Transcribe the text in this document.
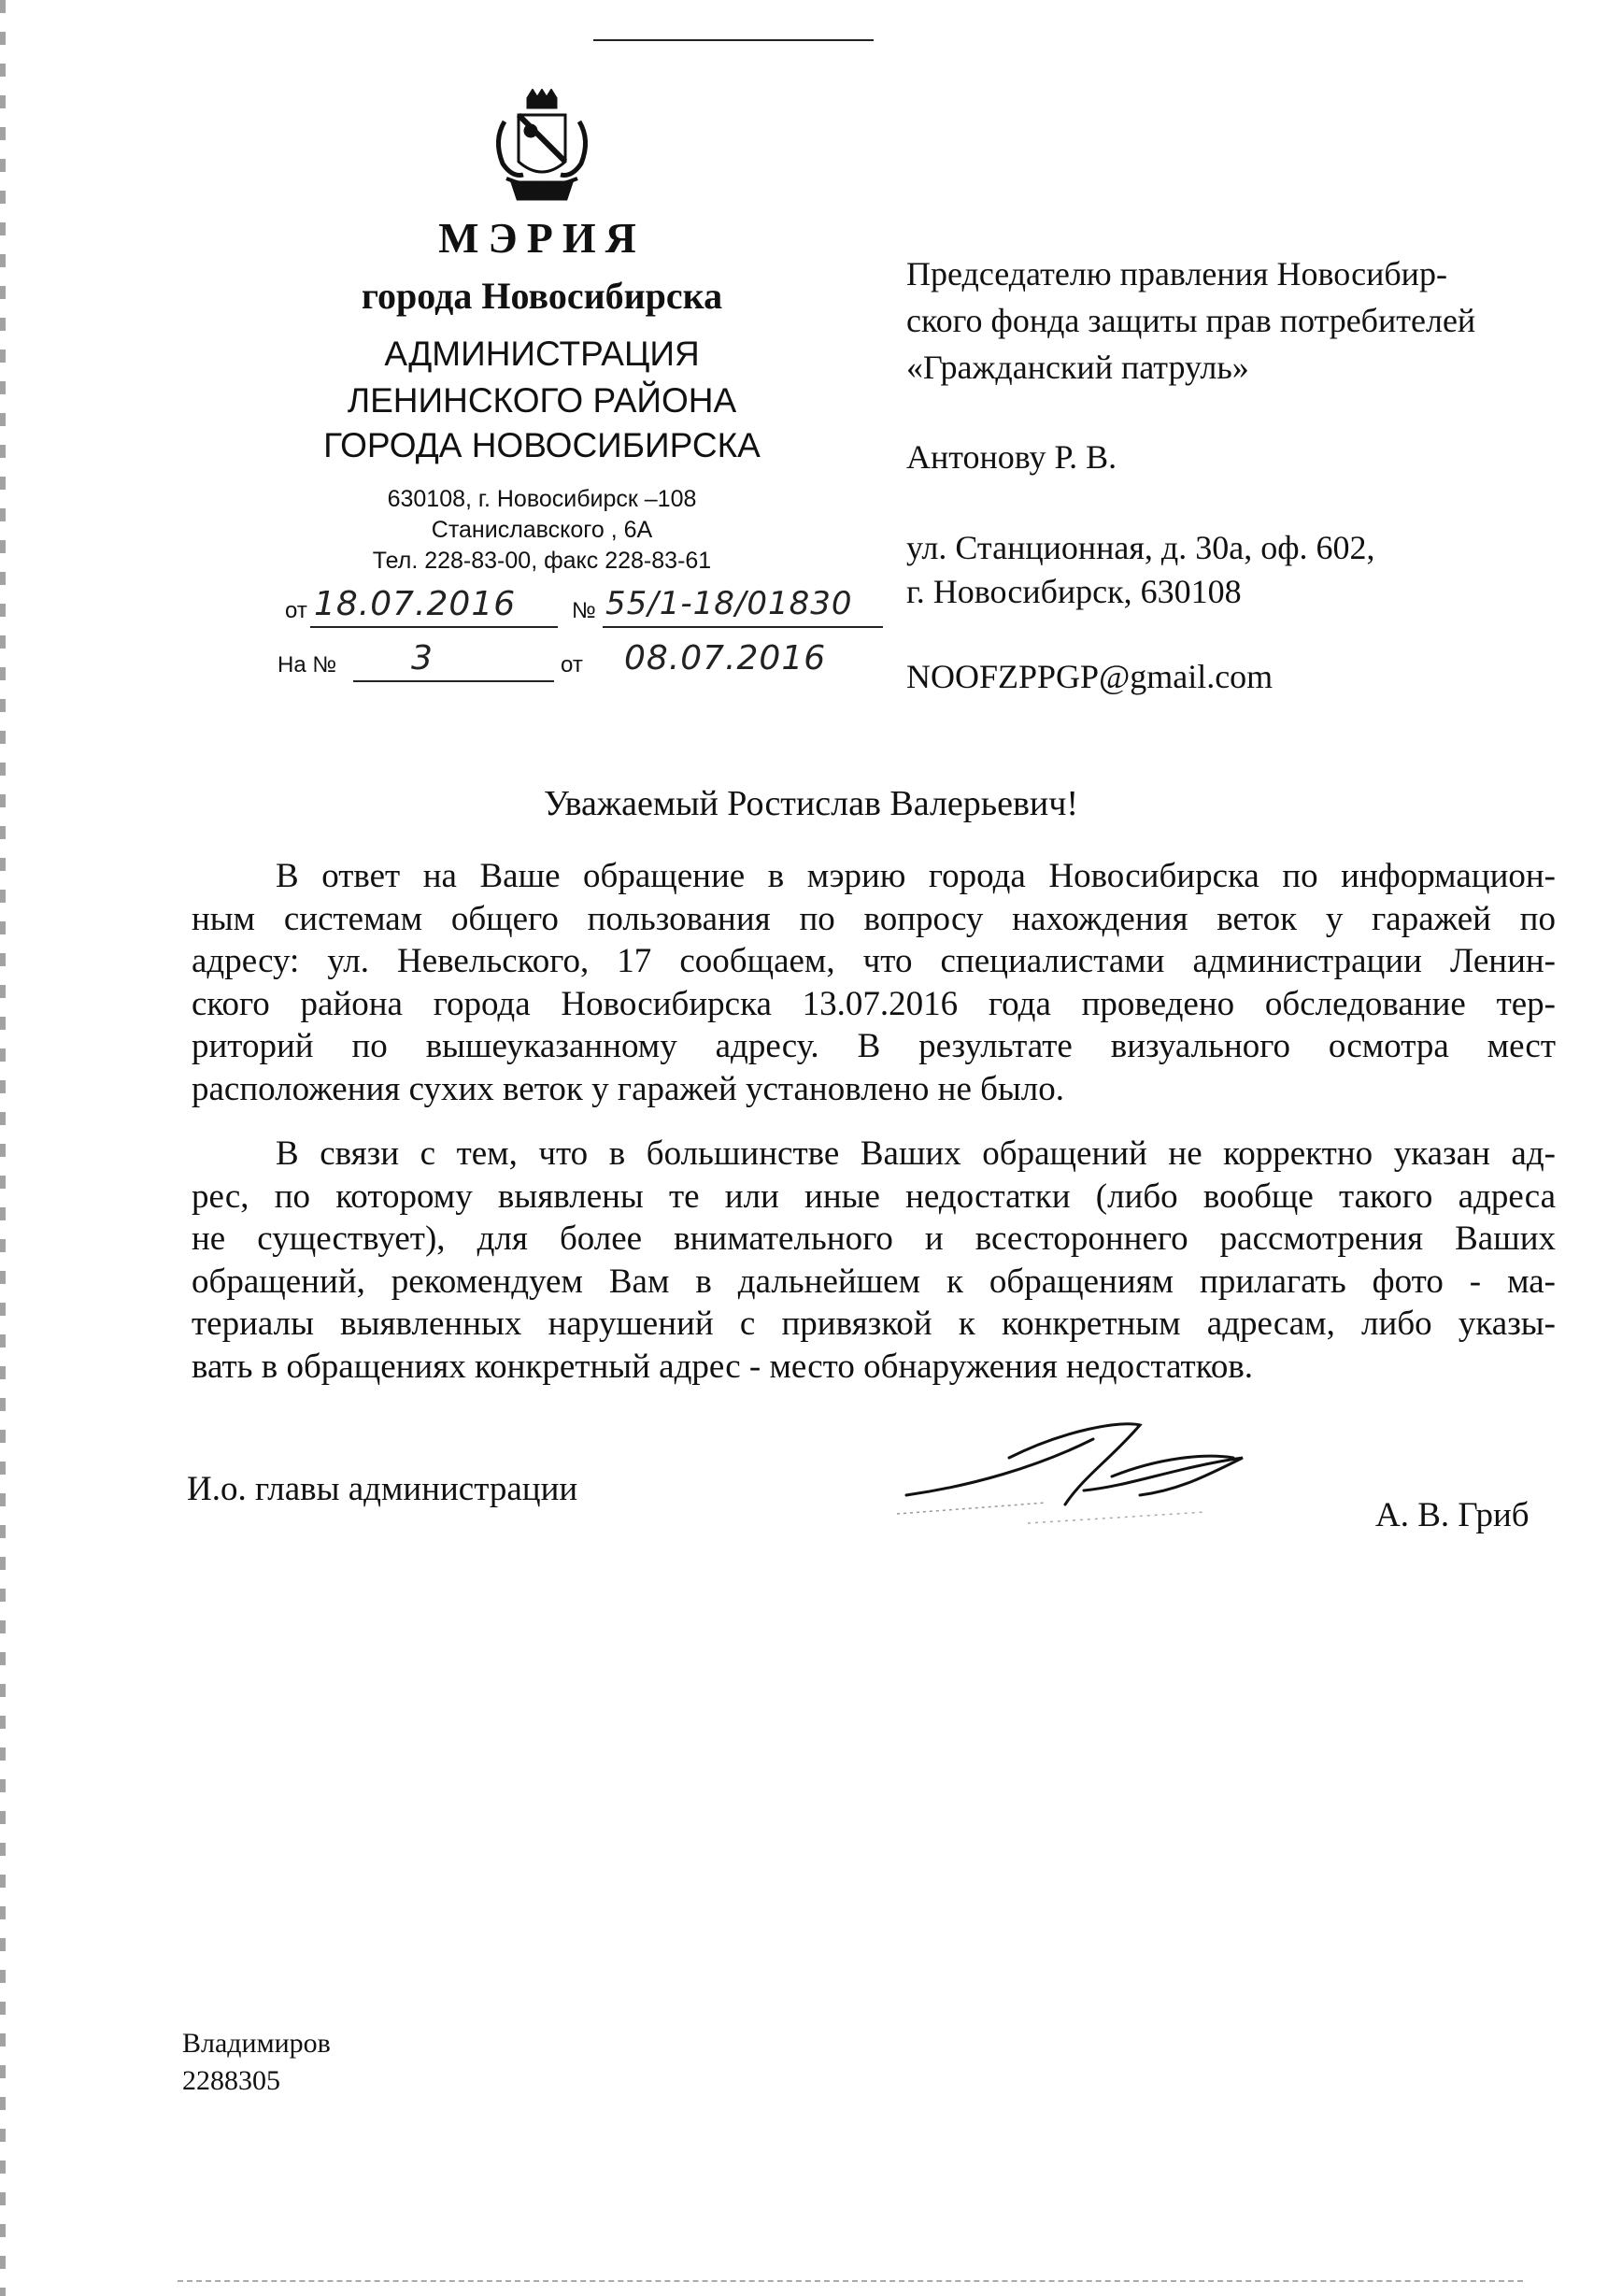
МЭРИЯ
города Новосибирска
АДМИНИСТРАЦИЯ
ЛЕНИНСКОГО РАЙОНА
ГОРОДА НОВОСИБИРСКА
630108, г. Новосибирск –108
Станиславского , 6А
Тел. 228-83-00, факс 228-83-61
от 18.07.2016 № 55/1-18/01830
На № 3	от 08.07.2016
Председателю правления Новосибир-
ского фонда защиты прав потребителей
«Гражданский патруль»
Антонову Р. В.
ул. Станционная, д. 30а, оф. 602,
г. Новосибирск, 630108
NOOFZPPGP@gmail.com
Уважаемый Ростислав Валерьевич!
В ответ на Ваше обращение в мэрию города Новосибирска по информацион-
ным системам общего пользования по вопросу нахождения веток у гаражей по
адресу: ул. Невельского, 17 сообщаем, что специалистами администрации Ленин-
ского района города Новосибирска 13.07.2016 года проведено обследование тер-
риторий по вышеуказанному адресу. В результате визуального осмотра мест
расположения сухих веток у гаражей установлено не было.
В связи с тем, что в большинстве Ваших обращений не корректно указан ад-
рес, по которому выявлены те или иные недостатки (либо вообще такого адреса
не существует), для более внимательного и всестороннего рассмотрения Ваших
обращений, рекомендуем Вам в дальнейшем к обращениям прилагать фото - ма-
териалы выявленных нарушений с привязкой к конкретным адресам, либо указы-
вать в обращениях конкретный адрес - место обнаружения недостатков.
И.о. главы администрации
А. В. Гриб
Владимиров
2288305
